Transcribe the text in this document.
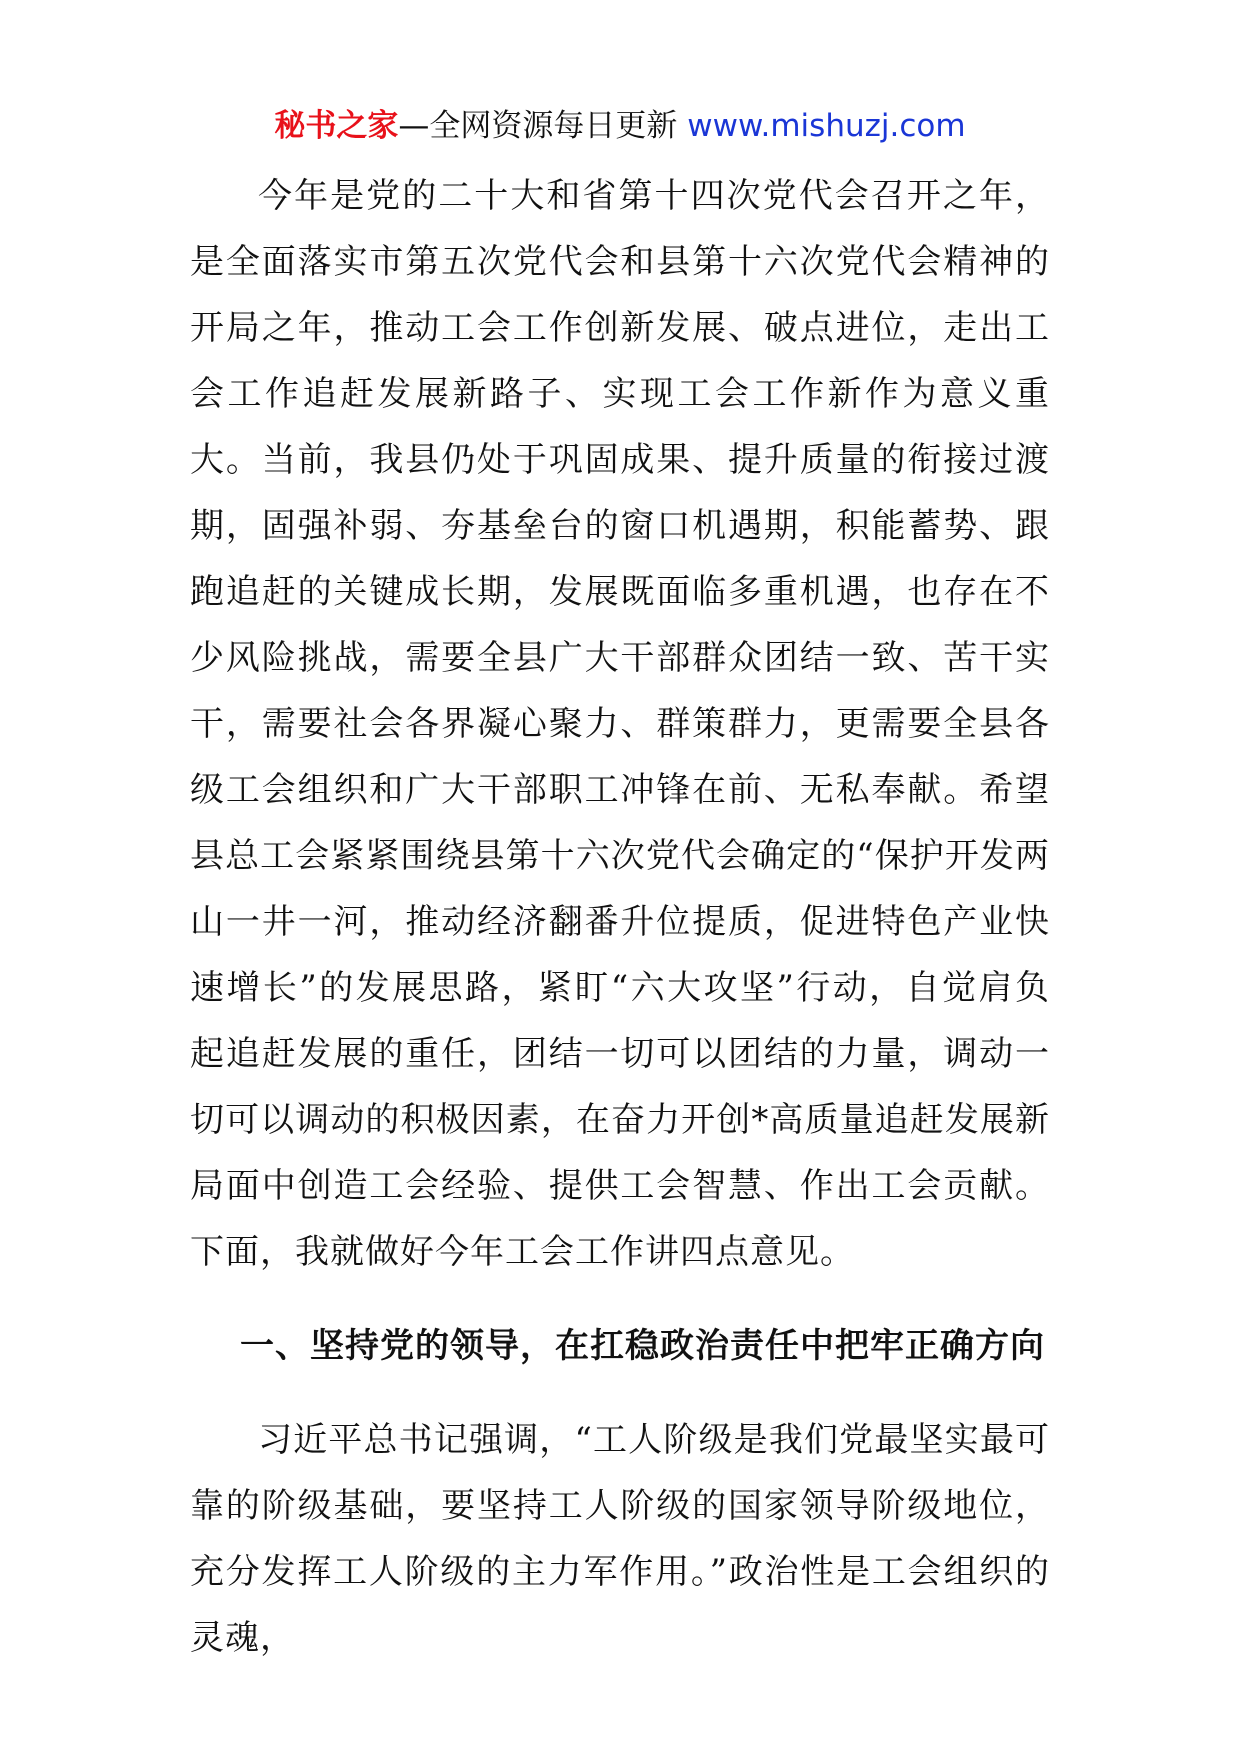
秘书之家—全网资源每日更新 www.mishuzj.com

今年是党的二十大和省第十四次党代会召开之年，是全面落实市第五次党代会和县第十六次党代会精神的开局之年，推动工会工作创新发展、破点进位，走出工会工作追赶发展新路子、实现工会工作新作为意义重大。当前，我县仍处于巩固成果、提升质量的衔接过渡期，固强补弱、夯基垒台的窗口机遇期，积能蓄势、跟跑追赶的关键成长期，发展既面临多重机遇，也存在不少风险挑战，需要全县广大干部群众团结一致、苦干实干，需要社会各界凝心聚力、群策群力，更需要全县各级工会组织和广大干部职工冲锋在前、无私奉献。希望县总工会紧紧围绕县第十六次党代会确定的“保护开发两山一井一河，推动经济翻番升位提质，促进特色产业快速增长”的发展思路，紧盯“六大攻坚”行动，自觉肩负起追赶发展的重任，团结一切可以团结的力量，调动一切可以调动的积极因素，在奋力开创*高质量追赶发展新局面中创造工会经验、提供工会智慧、作出工会贡献。下面，我就做好今年工会工作讲四点意见。

一、坚持党的领导，在扛稳政治责任中把牢正确方向

习近平总书记强调，“工人阶级是我们党最坚实最可靠的阶级基础，要坚持工人阶级的国家领导阶级地位，充分发挥工人阶级的主力军作用。”政治性是工会组织的灵魂，
